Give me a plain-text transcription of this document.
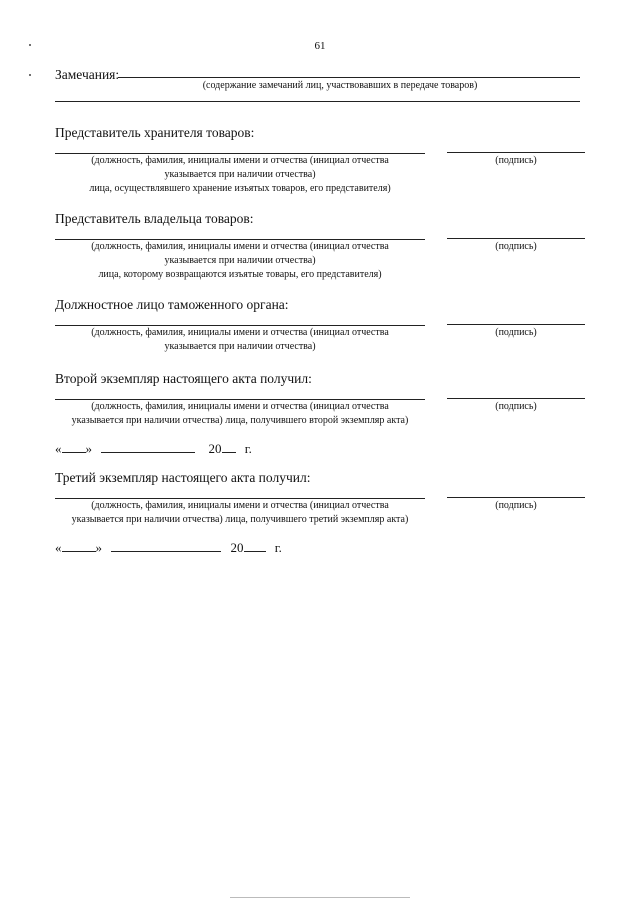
61
Замечания:
(содержание замечаний лиц, участвовавших в передаче товаров)
Представитель хранителя товаров:
(должность, фамилия, инициалы имени и отчества (инициал отчества
указывается при наличии отчества)
лица, осуществлявшего хранение изъятых товаров, его представителя)
(подпись)
Представитель владельца товаров:
(должность, фамилия, инициалы имени и отчества (инициал отчества
указывается при наличии отчества)
лица, которому возвращаются изъятые товары, его представителя)
(подпись)
Должностное лицо таможенного органа:
(должность, фамилия, инициалы имени и отчества (инициал отчества
указывается при наличии отчества)
(подпись)
Второй экземпляр настоящего акта получил:
(должность, фамилия, инициалы имени и отчества (инициал отчества
указывается при наличии отчества) лица, получившего второй экземпляр акта)
(подпись)
« »	20 г.
Третий экземпляр настоящего акта получил:
(должность, фамилия, инициалы имени и отчества (инициал отчества
указывается при наличии отчества) лица, получившего третий экземпляр акта)
(подпись)
«	»	20 г.
